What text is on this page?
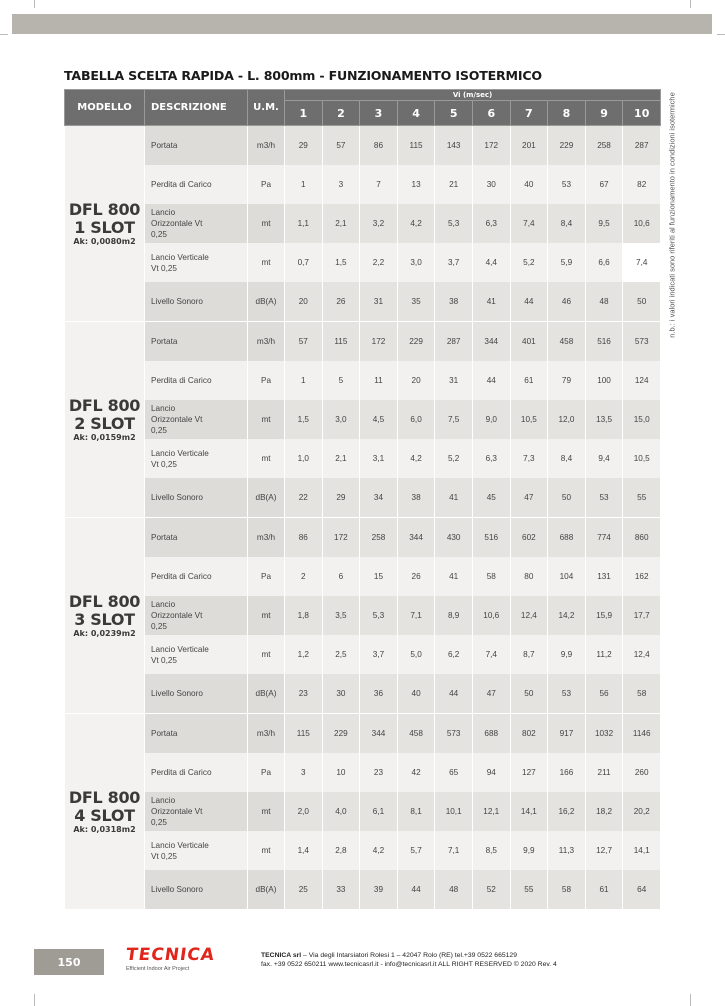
TABELLA SCELTA RAPIDA - L. 800mm - FUNZIONAMENTO ISOTERMICO
n.b.: i valori indicati sono riferiti al funzionamento in condizioni isotermiche
MODELLO	DESCRIZIONE	U.M.	Vi (m/sec)									
			1	2	3	4	5	6	7	8	9	10

DFL 800
1 SLOT
Ak: 0,0080m2	Portata	m3/h	29	57	86	115	143	172	201	229	258	287
	Perdita di Carico	Pa	1	3	7	13	21	30	40	53	67	82
	Lancio Orizzontale Vt 0,25	mt	1,1	2,1	3,2	4,2	5,3	6,3	7,4	8,4	9,5	10,6
	Lancio Verticale Vt 0,25	mt	0,7	1,5	2,2	3,0	3,7	4,4	5,2	5,9	6,6	7,4
	Livello Sonoro	dB(A)	20	26	31	35	38	41	44	46	48	50

DFL 800
2 SLOT
Ak: 0,0159m2	Portata	m3/h	57	115	172	229	287	344	401	458	516	573
	Perdita di Carico	Pa	1	5	11	20	31	44	61	79	100	124
	Lancio Orizzontale Vt 0,25	mt	1,5	3,0	4,5	6,0	7,5	9,0	10,5	12,0	13,5	15,0
	Lancio Verticale Vt 0,25	mt	1,0	2,1	3,1	4,2	5,2	6,3	7,3	8,4	9,4	10,5
	Livello Sonoro	dB(A)	22	29	34	38	41	45	47	50	53	55

DFL 800
3 SLOT
Ak: 0,0239m2	Portata	m3/h	86	172	258	344	430	516	602	688	774	860
	Perdita di Carico	Pa	2	6	15	26	41	58	80	104	131	162
	Lancio Orizzontale Vt 0,25	mt	1,8	3,5	5,3	7,1	8,9	10,6	12,4	14,2	15,9	17,7
	Lancio Verticale Vt 0,25	mt	1,2	2,5	3,7	5,0	6,2	7,4	8,7	9,9	11,2	12,4
	Livello Sonoro	dB(A)	23	30	36	40	44	47	50	53	56	58

DFL 800
4 SLOT
Ak: 0,0318m2	Portata	m3/h	115	229	344	458	573	688	802	917	1032	1146
	Perdita di Carico	Pa	3	10	23	42	65	94	127	166	211	260
	Lancio Orizzontale Vt 0,25	mt	2,0	4,0	6,1	8,1	10,1	12,1	14,1	16,2	18,2	20,2
	Lancio Verticale Vt 0,25	mt	1,4	2,8	4,2	5,7	7,1	8,5	9,9	11,3	12,7	14,1
	Livello Sonoro	dB(A)	25	33	39	44	48	52	55	58	61	64
150	TECNICA
Efficient Indoor Air Project
TECNICA srl – Via degli Intarsiatori Rolesi 1 – 42047 Rolo (RE) tel.+39 0522 665129
fax. +39 0522 650211 www.tecnicasrl.it - info@tecnicasrl.it ALL RIGHT RESERVED © 2020 Rev. 4
